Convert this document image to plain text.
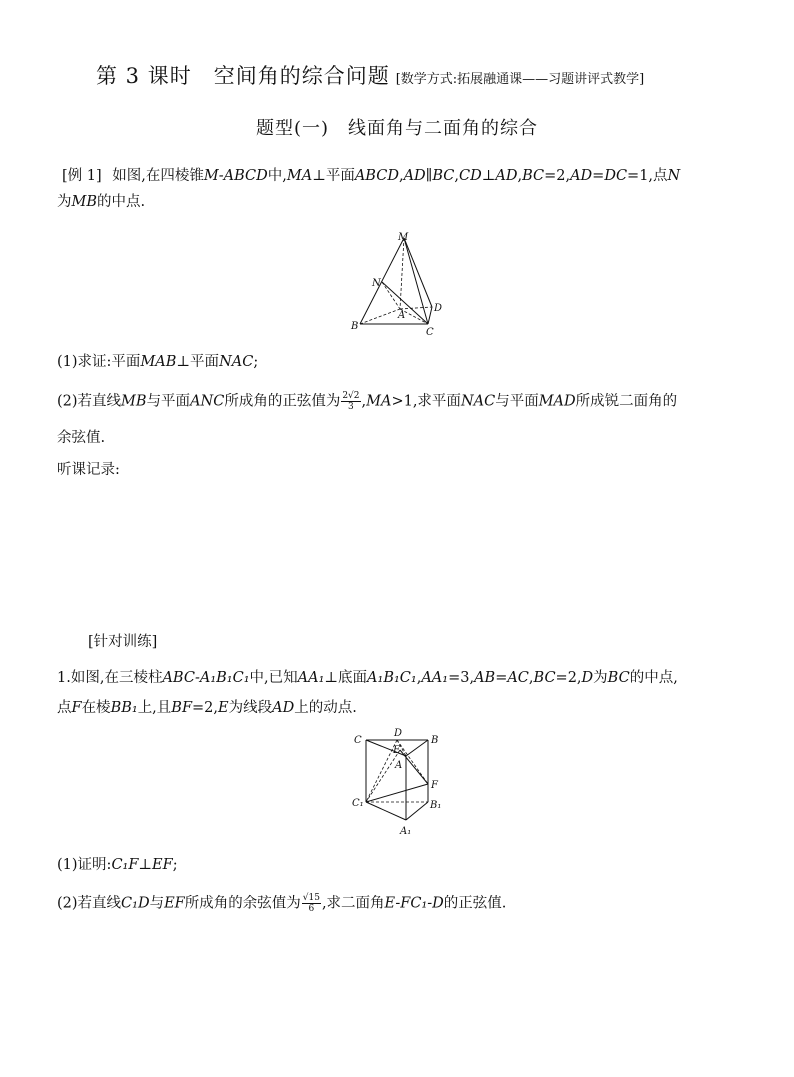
第 3 课时　空间角的综合问题 [数学方式:拓展融通课——习题讲评式教学]
题型(一)　线面角与二面角的综合
[例 1] 如图,在四棱锥M-ABCD中,MA⊥平面ABCD,AD∥BC,CD⊥AD,BC=2,AD=DC=1,点N
为MB的中点.
M
N
A
D
B
C
(1)求证:平面MAB⊥平面NAC;
(2)若直线MB与平面ANC所成角的正弦值为 $\frac{2√2}{3} ,MA>1$,求平面NAC与平面MAD所成锐二面角的
余弦值.
听课记录:
[针对训练]
1.如图,在三棱柱ABC-A₁B₁C₁中,已知AA₁⊥底面A₁B₁C₁,AA₁=3,AB=AC,BC=2,D为BC的中点,
点F在棱BB₁上,且BF=2,E为线段AD上的动点.
C
D
B
E
A
F
C₁	B₁
A₁
(1)证明:C₁F⊥EF;
(2)若直线C₁D与EF所成角的余弦值为 $\frac{√15}{6}$ ,求二面角E-FC₁-D的正弦值.
